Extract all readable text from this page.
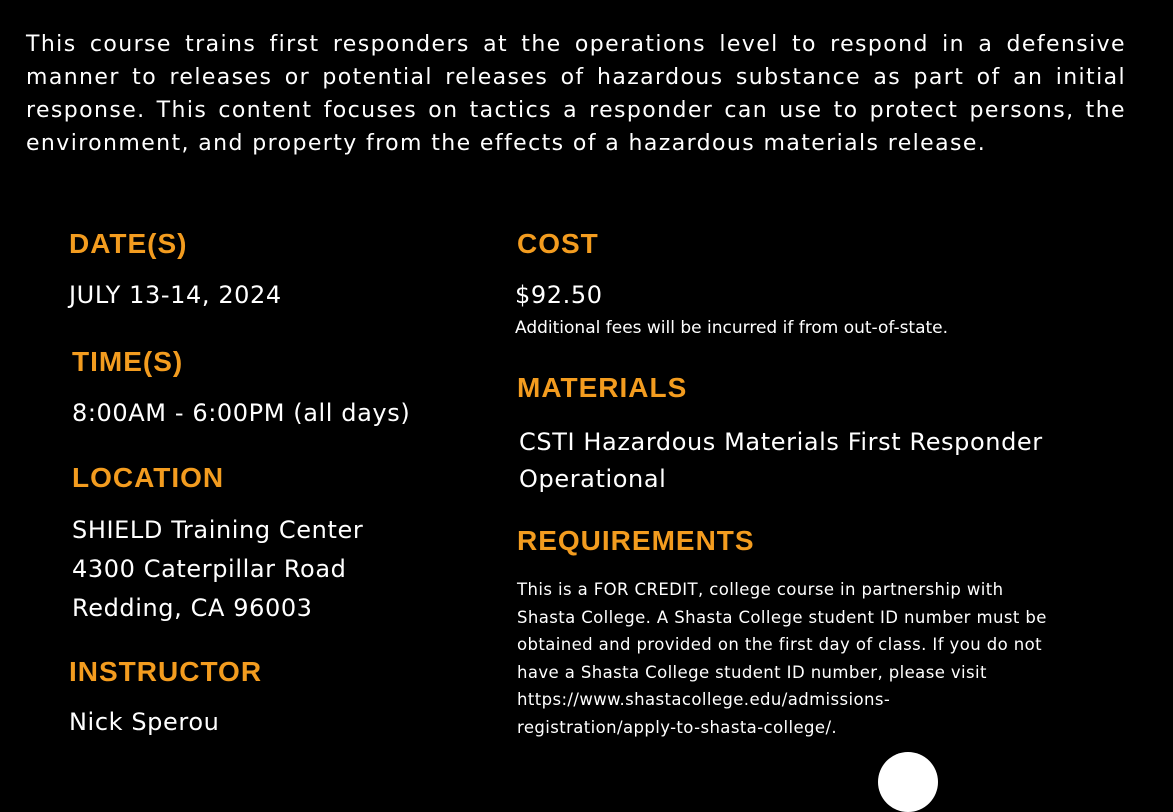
This course trains first responders at the operations level to respond in a defensive manner to releases or potential releases of hazardous substance as part of an initial response. This content focuses on tactics a responder can use to protect persons, the environment, and property from the effects of a hazardous materials release.

DATE(S)

JULY 13-14, 2024

TIME(S)

8:00AM - 6:00PM (all days)

LOCATION
SHIELD Training Center
4300 Caterpillar Road
Redding, CA 96003
INSTRUCTOR

Nick Sperou

COST

$92.50

Additional fees will be incurred if from out-of-state.

MATERIALS
CSTI Hazardous Materials First Responder
Operational
REQUIREMENTS
This is a FOR CREDIT, college course in partnership with
Shasta College. A Shasta College student ID number must be
obtained and provided on the first day of class. If you do not
have a Shasta College student ID number, please visit
https://www.shastacollege.edu/admissions-
registration/apply-to-shasta-college/.
